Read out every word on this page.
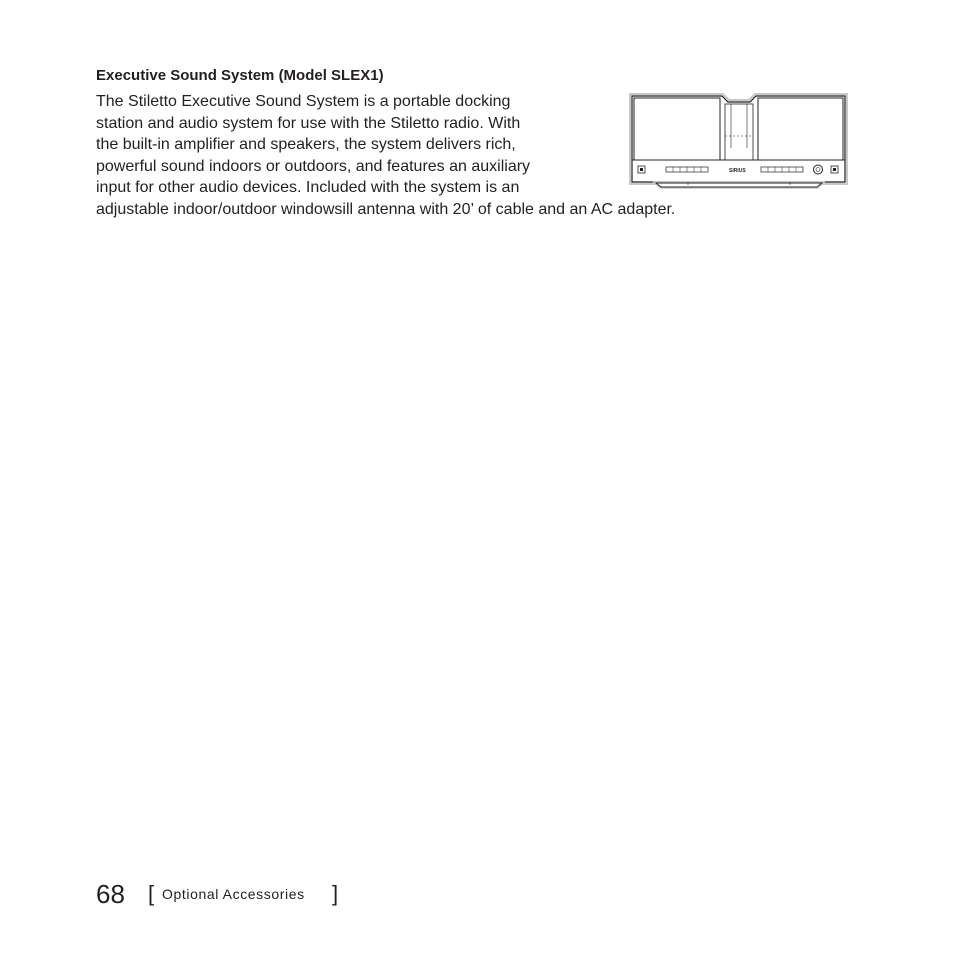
Executive Sound System (Model SLEX1)
The Stiletto Executive Sound System is a portable docking
station and audio system for use with the Stiletto radio. With
the built-in amplifier and speakers, the system delivers rich,
powerful sound indoors or outdoors, and features an auxiliary
input for other audio devices. Included with the system is an
adjustable indoor/outdoor windowsill antenna with 20’ of cable and an AC adapter.
SIRIUS
68 [ Optional Accessories ]
